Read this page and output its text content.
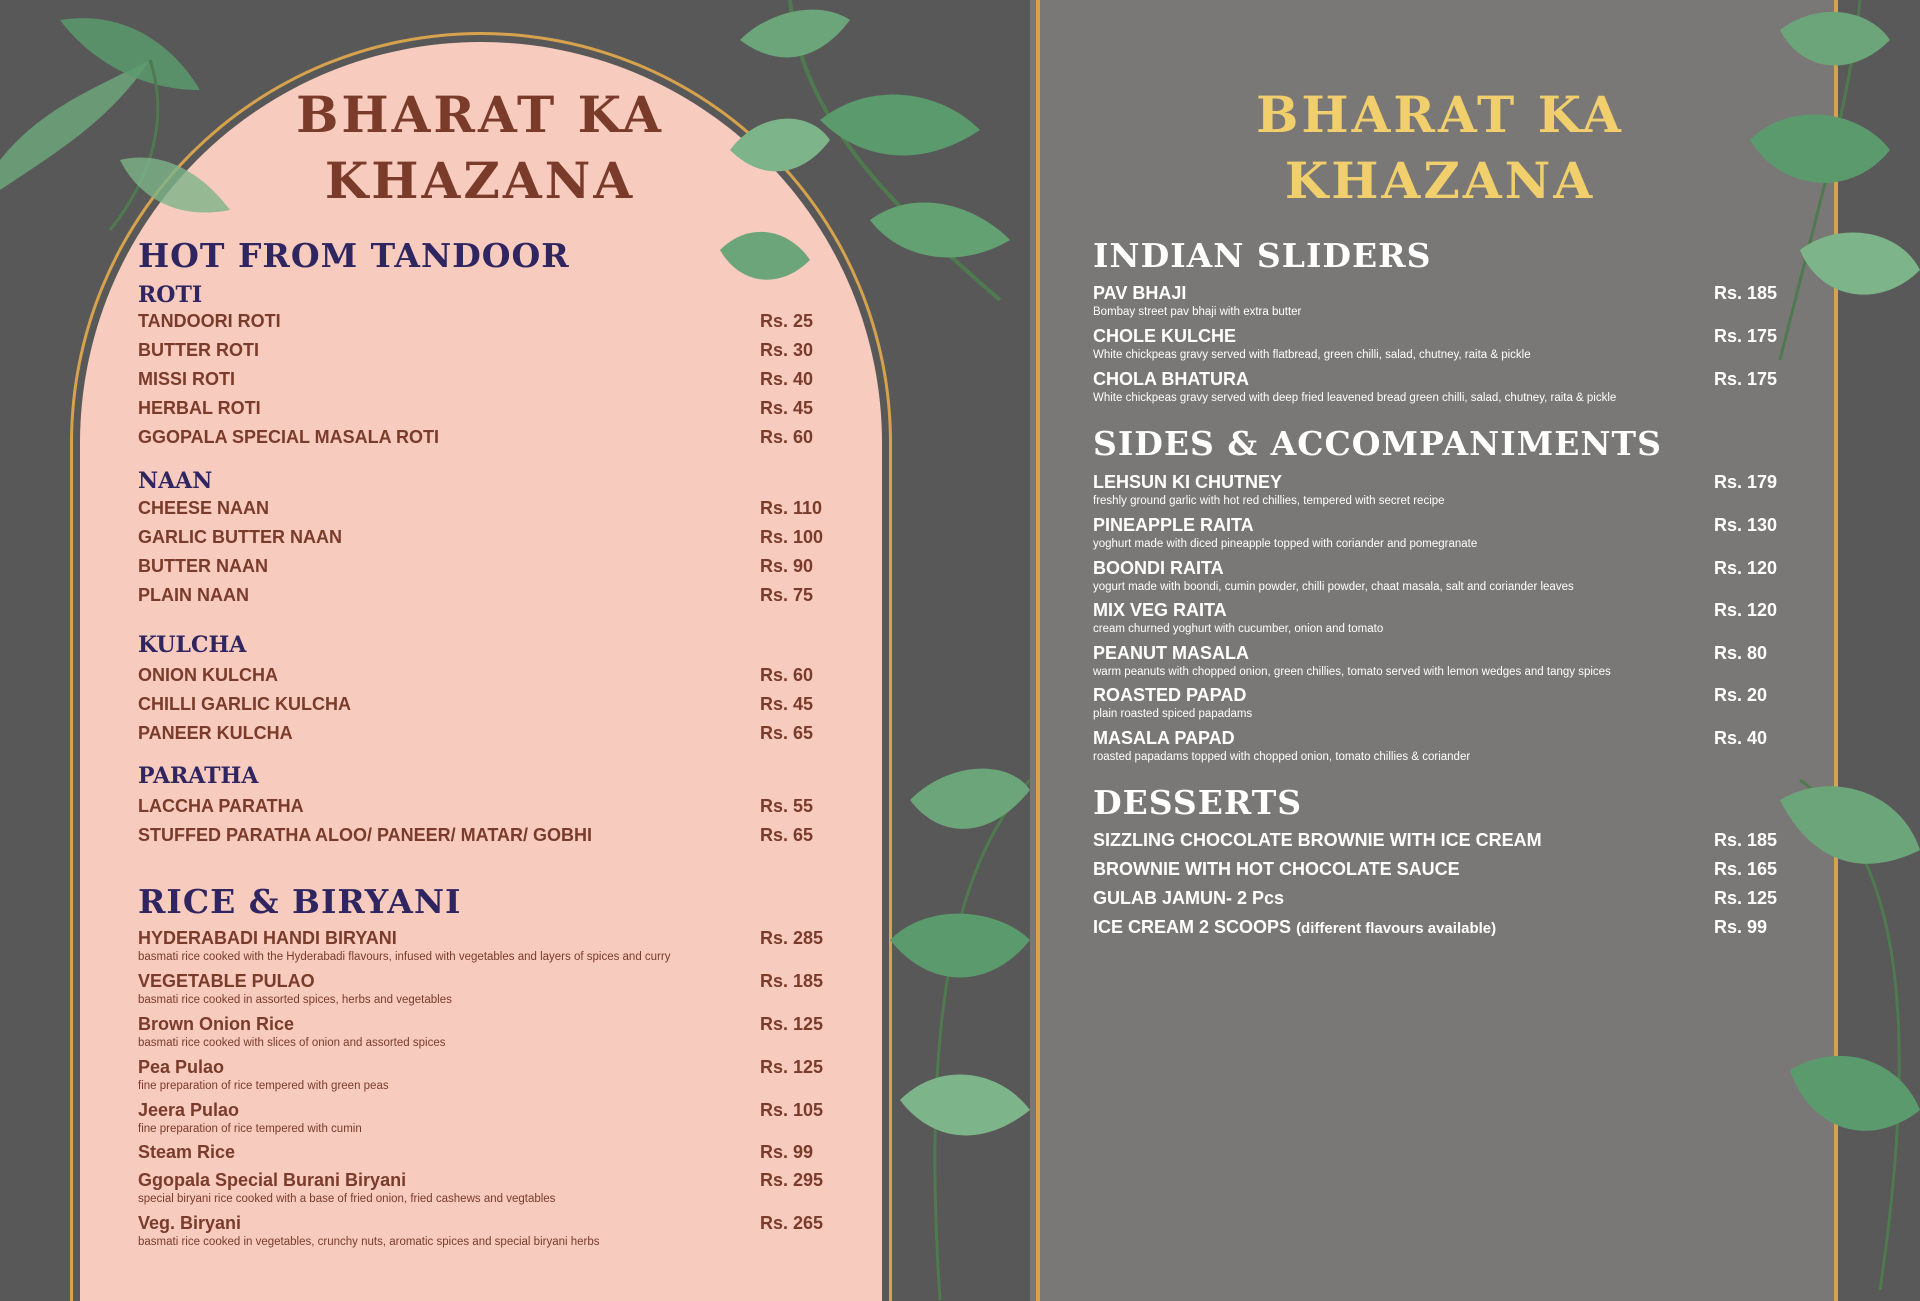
BHARAT KA
KHAZANA
HOT FROM TANDOOR
ROTI
TANDOORI ROTI	Rs. 25
BUTTER ROTI	Rs. 30
MISSI ROTI	Rs. 40
HERBAL ROTI	Rs. 45
GGOPALA SPECIAL MASALA ROTI	Rs. 60
NAAN
CHEESE NAAN	Rs. 110
GARLIC BUTTER NAAN	Rs. 100
BUTTER NAAN	Rs. 90
PLAIN NAAN	Rs. 75
KULCHA
ONION KULCHA	Rs. 60
CHILLI GARLIC KULCHA	Rs. 45
PANEER KULCHA	Rs. 65
PARATHA
LACCHA PARATHA	Rs. 55
STUFFED PARATHA ALOO/ PANEER/ MATAR/ GOBHI	Rs. 65
RICE & BIRYANI
HYDERABADI HANDI BIRYANI	Rs. 285
basmati rice cooked with the Hyderabadi flavours, infused with vegetables and layers of spices and curry
VEGETABLE PULAO	Rs. 185
basmati rice cooked in assorted spices, herbs and vegetables
Brown Onion Rice	Rs. 125
basmati rice cooked with slices of onion and assorted spices
Pea Pulao	Rs. 125
fine preparation of rice tempered with green peas
Jeera Pulao	Rs. 105
fine preparation of rice tempered with cumin
Steam Rice	Rs. 99
Ggopala Special Burani Biryani	Rs. 295
special biryani rice cooked with a base of fried onion, fried cashews and vegtables
Veg. Biryani	Rs. 265
basmati rice cooked in vegetables, crunchy nuts, aromatic spices and special biryani herbs
BHARAT KA
KHAZANA
INDIAN SLIDERS
PAV BHAJI	Rs. 185
Bombay street pav bhaji with extra butter
CHOLE KULCHE	Rs. 175
White chickpeas gravy served with flatbread, green chilli, salad, chutney, raita & pickle
CHOLA BHATURA	Rs. 175
White chickpeas gravy served with deep fried leavened bread green chilli, salad, chutney, raita & pickle
SIDES & ACCOMPANIMENTS
LEHSUN KI CHUTNEY	Rs. 179
freshly ground garlic with hot red chillies, tempered with secret recipe
PINEAPPLE RAITA	Rs. 130
yoghurt made with diced pineapple topped with coriander and pomegranate
BOONDI RAITA	Rs. 120
yogurt made with boondi, cumin powder, chilli powder, chaat masala, salt and coriander leaves
MIX VEG RAITA	Rs. 120
cream churned yoghurt with cucumber, onion and tomato
PEANUT MASALA	Rs. 80
warm peanuts with chopped onion, green chillies, tomato served with lemon wedges and tangy spices
ROASTED PAPAD	Rs. 20
plain roasted spiced papadams
MASALA PAPAD	Rs. 40
roasted papadams topped with chopped onion, tomato chillies & coriander
DESSERTS
SIZZLING CHOCOLATE BROWNIE WITH ICE CREAM	Rs. 185
BROWNIE WITH HOT CHOCOLATE SAUCE	Rs. 165
GULAB JAMUN- 2 Pcs	Rs. 125
ICE CREAM 2 SCOOPS (different flavours available)	Rs. 99
